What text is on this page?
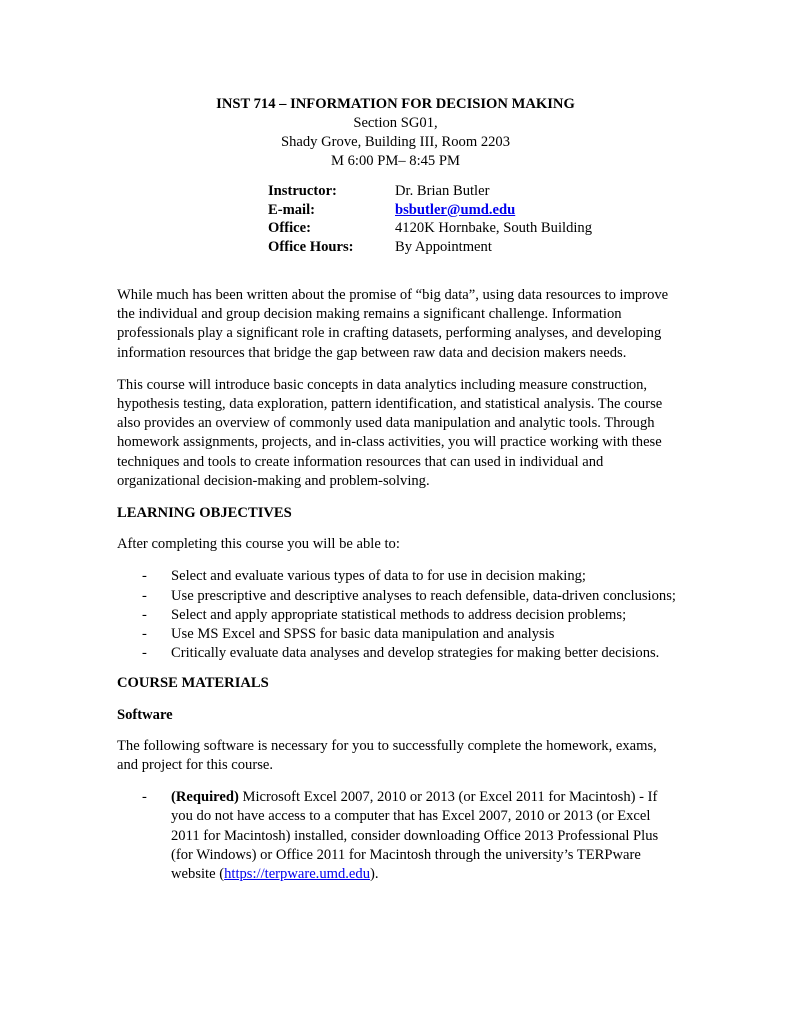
INST 714 – INFORMATION FOR DECISION MAKING
Section SG01,
Shady Grove, Building III, Room 2203
M 6:00 PM– 8:45 PM
Instructor:	Dr. Brian Butler
E-mail:	bsbutler@umd.edu
Office:	4120K Hornbake, South Building
Office Hours:	By Appointment

While much has been written about the promise of “big data”, using data resources to improve the individual and group decision making remains a significant challenge. Information professionals play a significant role in crafting datasets, performing analyses, and developing information resources that bridge the gap between raw data and decision makers needs.

This course will introduce basic concepts in data analytics including measure construction, hypothesis testing, data exploration, pattern identification, and statistical analysis. The course also provides an overview of commonly used data manipulation and analytic tools. Through homework assignments, projects, and in-class activities, you will practice working with these techniques and tools to create information resources that can used in individual and organizational decision-making and problem-solving.

LEARNING OBJECTIVES

After completing this course you will be able to:

- Select and evaluate various types of data to for use in decision making;
- Use prescriptive and descriptive analyses to reach defensible, data-driven conclusions;
- Select and apply appropriate statistical methods to address decision problems;
- Use MS Excel and SPSS for basic data manipulation and analysis
- Critically evaluate data analyses and develop strategies for making better decisions.
COURSE MATERIALS
Software

The following software is necessary for you to successfully complete the homework, exams, and project for this course.

- (Required) Microsoft Excel 2007, 2010 or 2013 (or Excel 2011 for Macintosh) - If you do not have access to a computer that has Excel 2007, 2010 or 2013 (or Excel 2011 for Macintosh) installed, consider downloading Office 2013 Professional Plus (for Windows) or Office 2011 for Macintosh through the university’s TERPware website (https://terpware.umd.edu).
